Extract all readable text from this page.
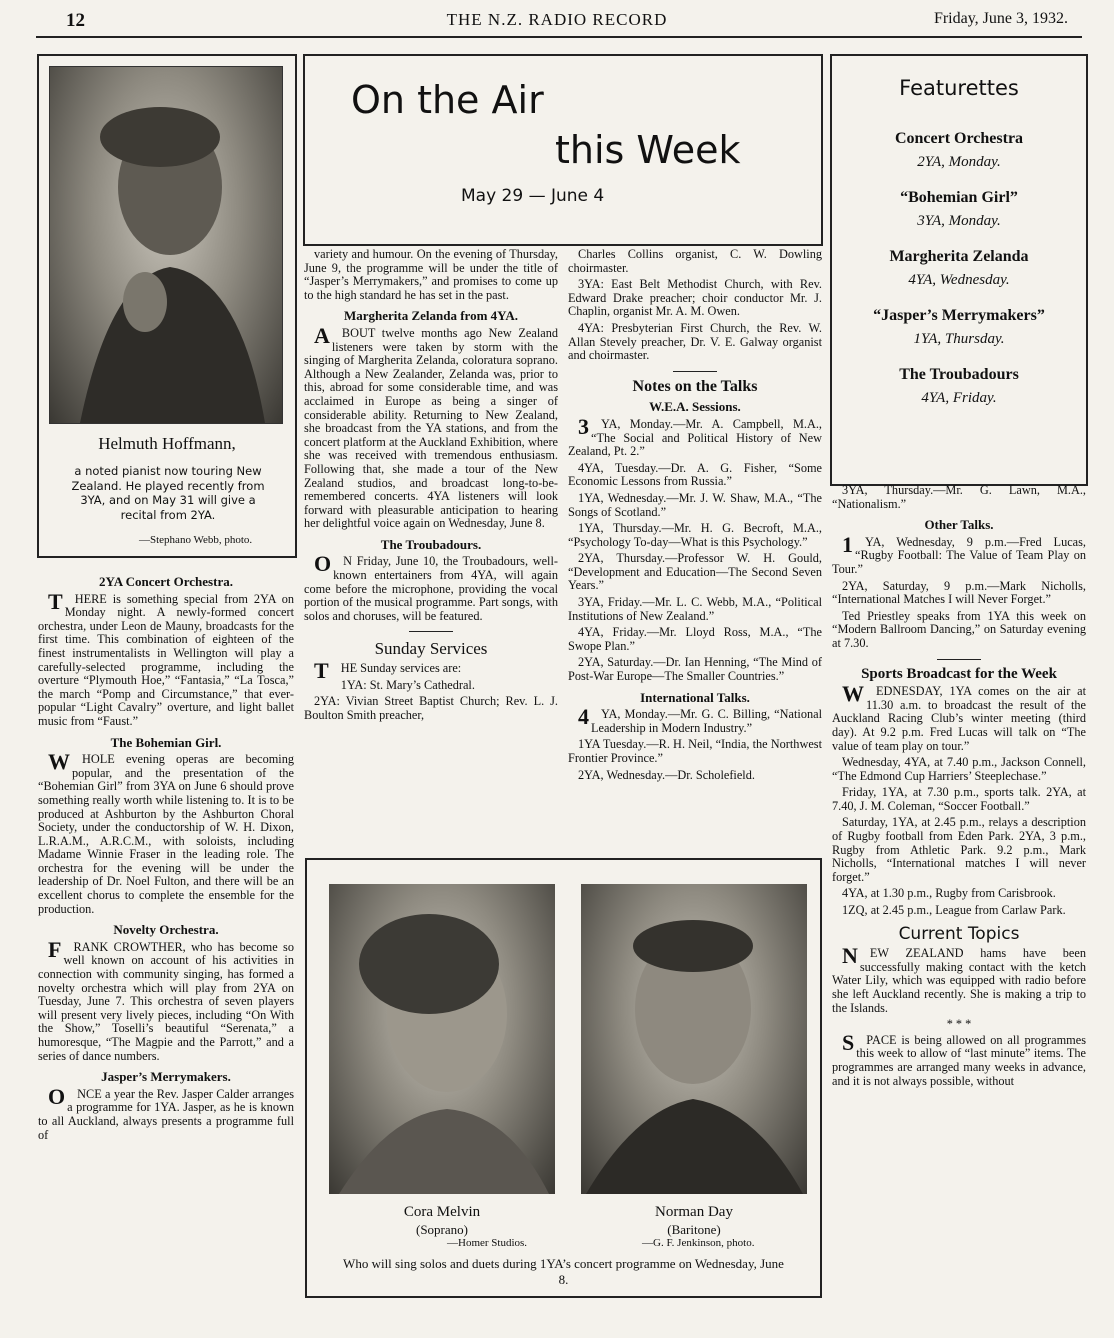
12	THE N.Z. RADIO RECORD	Friday, June 3, 1932.
Helmuth Hoffmann,
a noted pianist now touring New Zealand. He played recently from 3YA, and on May 31 will give a recital from 2YA.
—Stephano Webb, photo.
On the Air
this Week
May 29 — June 4
Featurettes
Concert Orchestra
2YA, Monday.
“Bohemian Girl”
3YA, Monday.
Margherita Zelanda
4YA, Wednesday.
“Jasper’s Merrymakers”
1YA, Thursday.
The Troubadours
4YA, Friday.
2YA Concert Orchestra.

THERE is something special from 2YA on Monday night. A newly-formed concert orchestra, under Leon de Mauny, broadcasts for the first time. This combination of eighteen of the finest instrumentalists in Wellington will play a carefully-selected programme, including the overture “Plymouth Hoe,” “Fantasia,” “La Tosca,” the march “Pomp and Circumstance,” that ever-popular “Light Cavalry” overture, and light ballet music from “Faust.”

The Bohemian Girl.

WHOLE evening operas are becoming popular, and the presentation of the “Bohemian Girl” from 3YA on June 6 should prove something really worth while listening to. It is to be produced at Ashburton by the Ashburton Choral Society, under the conductorship of W. H. Dixon, L.R.A.M., A.R.C.M., with soloists, including Madame Winnie Fraser in the leading role. The orchestra for the evening will be under the leadership of Dr. Noel Fulton, and there will be an excellent chorus to complete the ensemble for the production.

Novelty Orchestra.

FRANK CROWTHER, who has become so well known on account of his activities in connection with community singing, has formed a novelty orchestra which will play from 2YA on Tuesday, June 7. This orchestra of seven players will present very lively pieces, including “On With the Show,” Toselli’s beautiful “Serenata,” a humoresque, “The Magpie and the Parrott,” and a series of dance numbers.

Jasper’s Merrymakers.

ONCE a year the Rev. Jasper Calder arranges a programme for 1YA. Jasper, as he is known to all Auckland, always presents a programme full of

variety and humour. On the evening of Thursday, June 9, the programme will be under the title of “Jasper’s Merrymakers,” and promises to come up to the high standard he has set in the past.

Margherita Zelanda from 4YA.

ABOUT twelve months ago New Zealand listeners were taken by storm with the singing of Margherita Zelanda, coloratura soprano. Although a New Zealander, Zelanda was, prior to this, abroad for some considerable time, and was acclaimed in Europe as being a singer of considerable ability. Returning to New Zealand, she broadcast from the YA stations, and from the concert platform at the Auckland Exhibition, where she was received with tremendous enthusiasm. Following that, she made a tour of the New Zealand studios, and broadcast long-to-be-remembered concerts. 4YA listeners will look forward with pleasurable anticipation to hearing her delightful voice again on Wednesday, June 8.

The Troubadours.

ON Friday, June 10, the Troubadours, well-known entertainers from 4YA, will again come before the microphone, providing the vocal portion of the musical programme. Part songs, with solos and choruses, will be featured.

Sunday Services

THE Sunday services are:

1YA: St. Mary’s Cathedral.

2YA: Vivian Street Baptist Church; Rev. L. J. Boulton Smith preacher,

Charles Collins organist, C. W. Dowling choirmaster.

3YA: East Belt Methodist Church, with Rev. Edward Drake preacher; choir conductor Mr. J. Chaplin, organist Mr. A. M. Owen.

4YA: Presbyterian First Church, the Rev. W. Allan Stevely preacher, Dr. V. E. Galway organist and choirmaster.

Notes on the Talks
W.E.A. Sessions.

3YA, Monday.—Mr. A. Campbell, M.A., “The Social and Political History of New Zealand, Pt. 2.”

4YA, Tuesday.—Dr. A. G. Fisher, “Some Economic Lessons from Russia.”

1YA, Wednesday.—Mr. J. W. Shaw, M.A., “The Songs of Scotland.”

1YA, Thursday.—Mr. H. G. Becroft, M.A., “Psychology To-day—What is this Psychology.”

2YA, Thursday.—Professor W. H. Gould, “Development and Education—The Second Seven Years.”

3YA, Friday.—Mr. L. C. Webb, M.A., “Political Institutions of New Zealand.”

4YA, Friday.—Mr. Lloyd Ross, M.A., “The Swope Plan.”

2YA, Saturday.—Dr. Ian Henning, “The Mind of Post-War Europe—The Smaller Countries.”

International Talks.

4YA, Monday.—Mr. G. C. Billing, “National Leadership in Modern Industry.”

1YA Tuesday.—R. H. Neil, “India, the Northwest Frontier Province.”

2YA, Wednesday.—Dr. Scholefield.

3YA, Thursday.—Mr. G. Lawn, M.A., “Nationalism.”

Other Talks.

1YA, Wednesday, 9 p.m.—Fred Lucas, “Rugby Football: The Value of Team Play on Tour.”

2YA, Saturday, 9 p.m.—Mark Nicholls, “International Matches I will Never Forget.”

Ted Priestley speaks from 1YA this week on “Modern Ballroom Dancing,” on Saturday evening at 7.30.

Sports Broadcast for the Week

WEDNESDAY, 1YA comes on the air at 11.30 a.m. to broadcast the result of the Auckland Racing Club’s winter meeting (third day). At 9.2 p.m. Fred Lucas will talk on “The value of team play on tour.”

Wednesday, 4YA, at 7.40 p.m., Jackson Connell, “The Edmond Cup Harriers’ Steeplechase.”

Friday, 1YA, at 7.30 p.m., sports talk. 2YA, at 7.40, J. M. Coleman, “Soccer Football.”

Saturday, 1YA, at 2.45 p.m., relays a description of Rugby football from Eden Park. 2YA, 3 p.m., Rugby from Athletic Park. 9.2 p.m., Mark Nicholls, “International matches I will never forget.”

4YA, at 1.30 p.m., Rugby from Carisbrook.

1ZQ, at 2.45 p.m., League from Carlaw Park.

Current Topics

NEW ZEALAND hams have been successfully making contact with the ketch Water Lily, which was equipped with radio before she left Auckland recently. She is making a trip to the Islands.

* * *

SPACE is being allowed on all programmes this week to allow of “last minute” items. The programmes are arranged many weeks in advance, and it is not always possible, without

Cora Melvin
(Soprano)
—Homer Studios.
Norman Day
(Baritone)
—G. F. Jenkinson, photo.
Who will sing solos and duets during 1YA’s concert programme on Wednesday, June 8.
